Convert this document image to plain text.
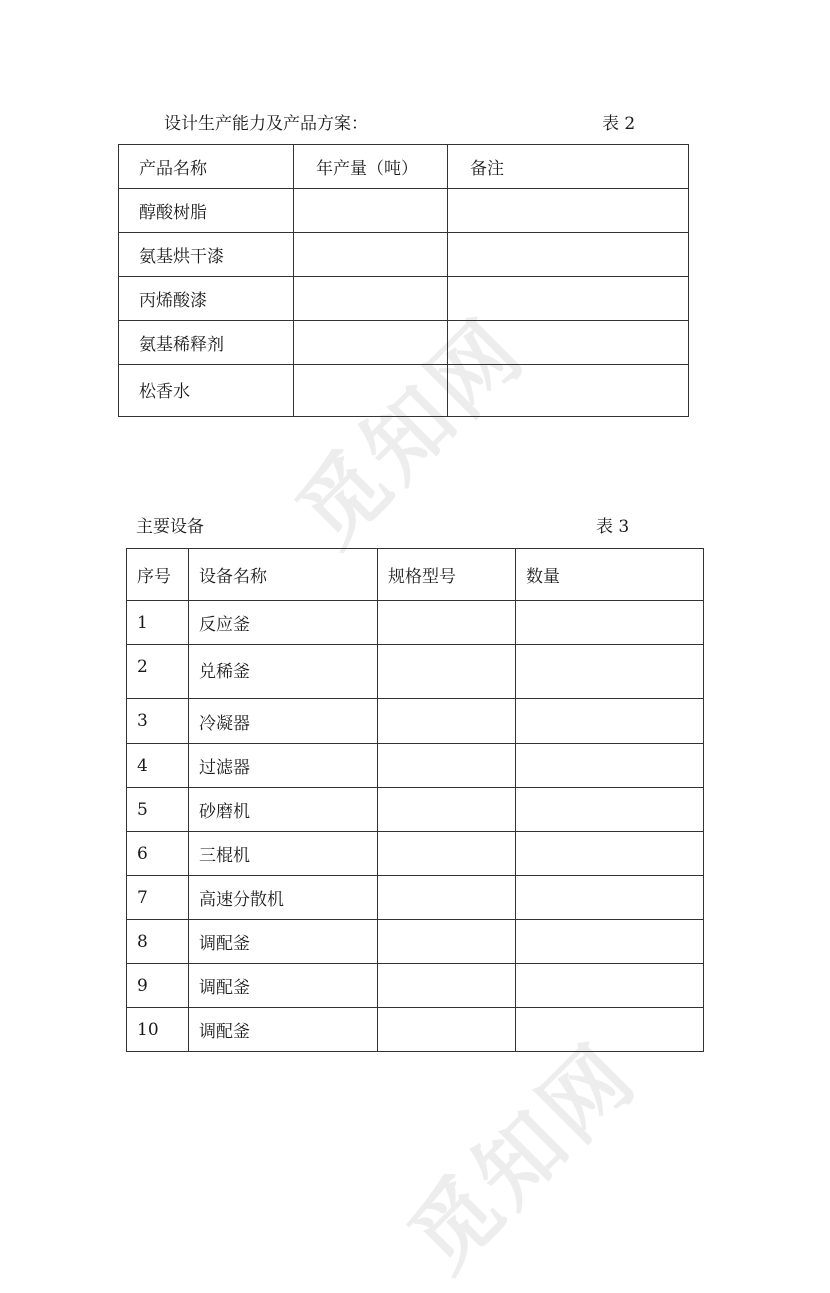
觅知网
觅知网
设计生产能力及产品方案：	表 2
产品名称	年产量（吨）	备注
醇酸树脂		
氨基烘干漆		
丙烯酸漆		
氨基稀释剂		
松香水		
主要设备	表 3
序号	设备名称	规格型号	数量
1	反应釜		
2	兑稀釜		
3	冷凝器		
4	过滤器		
5	砂磨机		
6	三棍机		
7	高速分散机		
8	调配釜		
9	调配釜		
10	调配釜		
